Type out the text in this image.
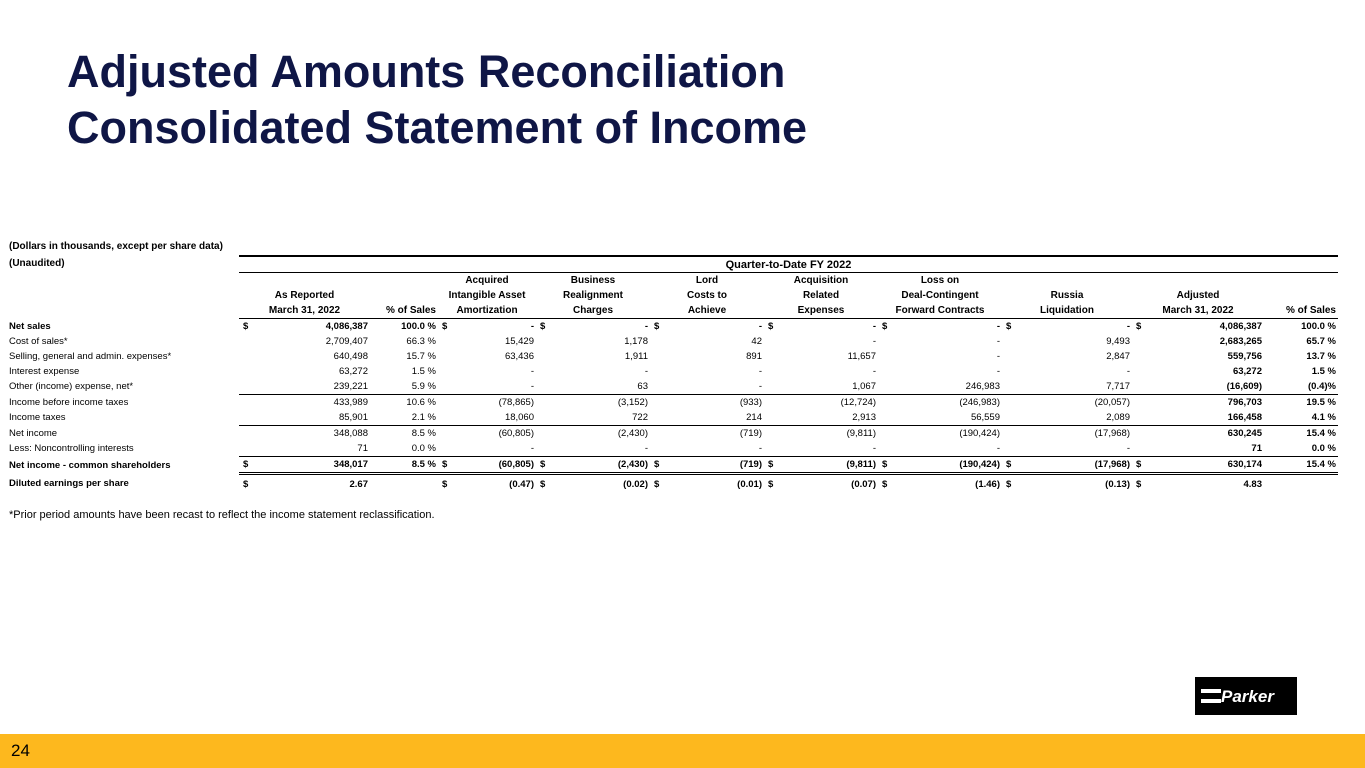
Adjusted Amounts Reconciliation
Consolidated Statement of Income
(Dollars in thousands, except per share data)
(Unaudited)
		Quarter-to-Date FY 2022																	
				Acquired		Business		Lord		Acquisition		Loss on						
	As Reported			Intangible Asset		Realignment		Costs to		Related		Deal-Contingent		Russia		Adjusted		
	March 31, 2022		% of Sales	Amortization		Charges		Achieve		Expenses		Forward Contracts		Liquidation		March 31, 2022		% of Sales
Net sales	$	4,086,387	100.0 %	$	-	$	-	$	-	$	-	$	-	$	-	$	4,086,387	100.0 %
Cost of sales*		2,709,407	66.3 %		15,429		1,178		42		-		-		9,493		2,683,265	65.7 %
Selling, general and admin. expenses*		640,498	15.7 %		63,436		1,911		891		11,657		-		2,847		559,756	13.7 %
Interest expense		63,272	1.5 %		-		-		-		-		-		-		63,272	1.5 %
Other (income) expense, net*		239,221	5.9 %		-		63		-		1,067		246,983		7,717		(16,609)	(0.4)%
Income before income taxes		433,989	10.6 %		(78,865)		(3,152)		(933)		(12,724)		(246,983)		(20,057)		796,703	19.5 %
Income taxes		85,901	2.1 %		18,060		722		214		2,913		56,559		2,089		166,458	4.1 %
Net income		348,088	8.5 %		(60,805)		(2,430)		(719)		(9,811)		(190,424)		(17,968)		630,245	15.4 %
Less: Noncontrolling interests		71	0.0 %		-		-		-		-		-		-		71	0.0 %
Net income - common shareholders	$	348,017	8.5 %	$	(60,805)	$	(2,430)	$	(719)	$	(9,811)	$	(190,424)	$	(17,968)	$	630,174	15.4 %
Diluted earnings per share	$	2.67		$	(0.47)	$	(0.02)	$	(0.01)	$	(0.07)	$	(1.46)	$	(0.13)	$	4.83	
*Prior period amounts have been recast to reflect the income statement reclassification.
Parker
24
